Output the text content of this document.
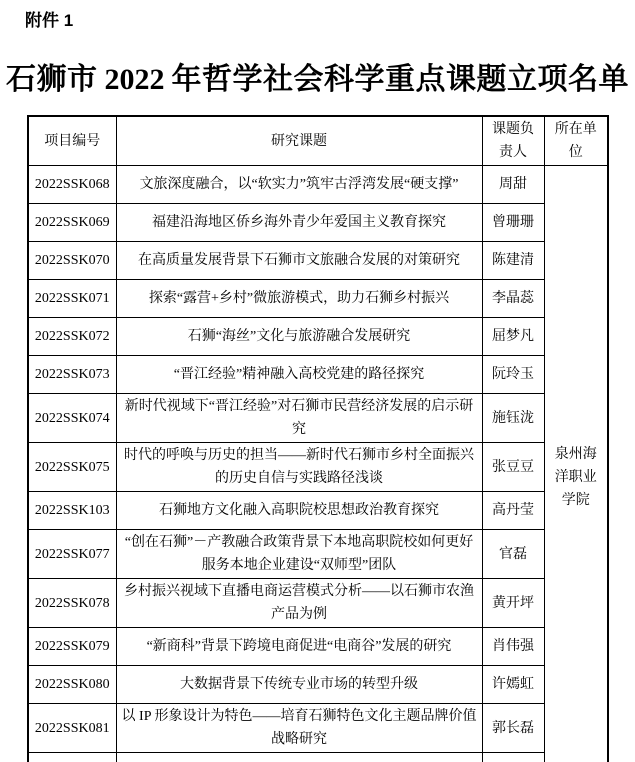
附件 1
石狮市 2022 年哲学社会科学重点课题立项名单
项目编号	研究课题	课题负责人	所在单位
2022SSK068	文旅深度融合，以“软实力”筑牢古浮湾发展“硬支撑”	周甜	泉州海洋职业学院
2022SSK069	福建沿海地区侨乡海外青少年爱国主义教育探究	曾珊珊	
2022SSK070	在高质量发展背景下石狮市文旅融合发展的对策研究	陈建清	
2022SSK071	探索“露营+乡村”微旅游模式，助力石狮乡村振兴	李晶蕊	
2022SSK072	石狮“海丝”文化与旅游融合发展研究	屈梦凡	
2022SSK073	“晋江经验”精神融入高校党建的路径探究	阮玲玉	
2022SSK074	新时代视域下“晋江经验”对石狮市民营经济发展的启示研究	施钰泷	
2022SSK075	时代的呼唤与历史的担当——新时代石狮市乡村全面振兴的历史自信与实践路径浅谈	张豆豆	
2022SSK103	石狮地方文化融入高职院校思想政治教育探究	高丹莹	
2022SSK077	“创在石狮”－产教融合政策背景下本地高职院校如何更好服务本地企业建设“双师型”团队	官磊	
2022SSK078	乡村振兴视域下直播电商运营模式分析——以石狮市农渔产品为例	黄开坪	
2022SSK079	“新商科”背景下跨境电商促进“电商谷”发展的研究	肖伟强	
2022SSK080	大数据背景下传统专业市场的转型升级	许嫣虹	
2022SSK081	以 IP 形象设计为特色——培育石狮特色文化主题品牌价值战略研究	郭长磊	
